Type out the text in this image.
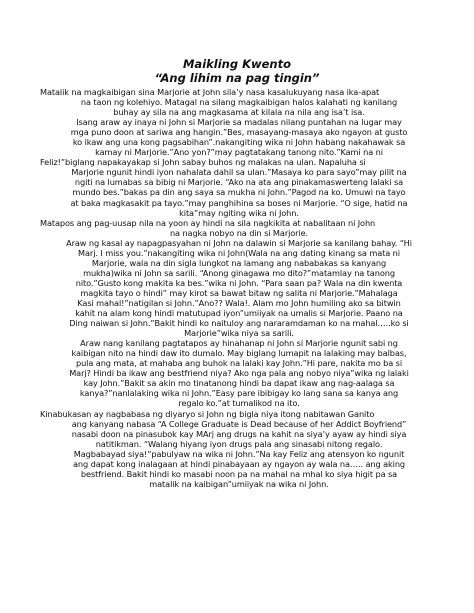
Maikling Kwento
“Ang lihim na pag tingin”
Matalik na magkaibigan sina Marjorie at John sila’y nasa kasalukuyang nasa ika-apat
na taon ng kolehiyo. Matagal na silang magkaibigan halos kalahati ng kanilang
buhay ay sila na ang magkasama at kilala na nila ang isa’t isa.
Isang araw ay inaya ni John si Marjorie sa madalas nilang puntahan na lugar may
mga puno doon at sariwa ang hangin.”Bes, masayang-masaya ako ngayon at gusto
ko ikaw ang una kong pagsabihan”.nakangiting wika ni John habang nakahawak sa
kamay ni Marjorie.”Ano yon?”may pagtatakang tanong nito.”Kami na ni
Feliz!”biglang napakayakap si John sabay buhos ng malakas na ulan. Napaluha si
Marjorie ngunit hindi iyon nahalata dahil sa ulan.”Masaya ko para sayo”may pilit na
ngiti na lumabas sa bibig ni Marjorie. “Ako na ata ang pinakamaswerteng lalaki sa
mundo bes.”bakas pa din ang saya sa mukha ni John.”Pagod na ko. Umuwi na tayo
at baka magkasakit pa tayo.”may panghihina sa boses ni Marjorie. “O sige, hatid na
kita”may ngiting wika ni John.
Matapos ang pag-uusap nila na yoon ay hindi na sila nagkikita at nabalitaan ni John
na nagka nobyo na din si Marjorie.
Araw ng kasal ay napagpasyahan ni John na dalawin si Marjorie sa kanilang bahay. “Hi
Marj. I miss you.”nakangiting wika ni John(Wala na ang dating kinang sa mata ni
Marjorie, wala na din sigla lungkot na lamang ang nababakas sa kanyang
mukha)wika ni John sa sarili. “Anong ginagawa mo dito?”matamlay na tanong
nito.”Gusto kong makita ka bes.”wika ni John. “Para saan pa? Wala na din kwenta
magkita tayo o hindi” may kirot sa bawat bitaw ng salita ni Marjorie.”Mahalaga
Kasi mahal!”natigilan si John.”Ano?? Wala!. Alam mo John humiling ako sa bitwin
kahit na alam kong hindi matutupad iyon”umiiyak na umalis si Marjorie. Paano na
Ding naiwan si John.”Bakit hindi ko naituloy ang nararamdaman ko na mahal…..ko si
Marjorie”wika niya sa sarili.
Araw nang kanilang pagtatapos ay hinahanap ni John si Marjorie ngunit sabi ng
kaibigan nito na hindi daw ito dumalo. May biglang lumapit na lalaking may balbas,
pula ang mata, at mahaba ang buhok na lalaki kay John.”Hi pare, nakita mo ba si
Marj? Hindi ba ikaw ang bestfriend niya? Ako nga pala ang nobyo niya”wika ng lalaki
kay John.”Bakit sa akin mo tinatanong hindi ba dapat ikaw ang nag-aalaga sa
kanya?”nanlalaking wika ni John.”Easy pare ibibigay ko lang sana sa kanya ang
regalo ko.”at tumalikod na ito.
Kinabukasan ay nagbabasa ng diyaryo si John ng bigla niya itong nabitawan Ganito
ang kanyang nabasa “A College Graduate is Dead because of her Addict Boyfriend”
nasabi doon na pinasubok kay MArj ang drugs na kahit na siya’y ayaw ay hindi siya
natitikman. “Walang hiyang iyon drugs pala ang sinasabi nitong regalo.
Magbabayad siya!”pabulyaw na wika ni John.”Na kay Feliz ang atensyon ko ngunit
ang dapat kong inalagaan at hindi pinabayaan ay ngayon ay wala na….. ang aking
bestfriend. Bakit hindi ko masabi noon pa na mahal na mhal ko siya higit pa sa
matalik na kaibigan”umiiyak na wika ni John.
